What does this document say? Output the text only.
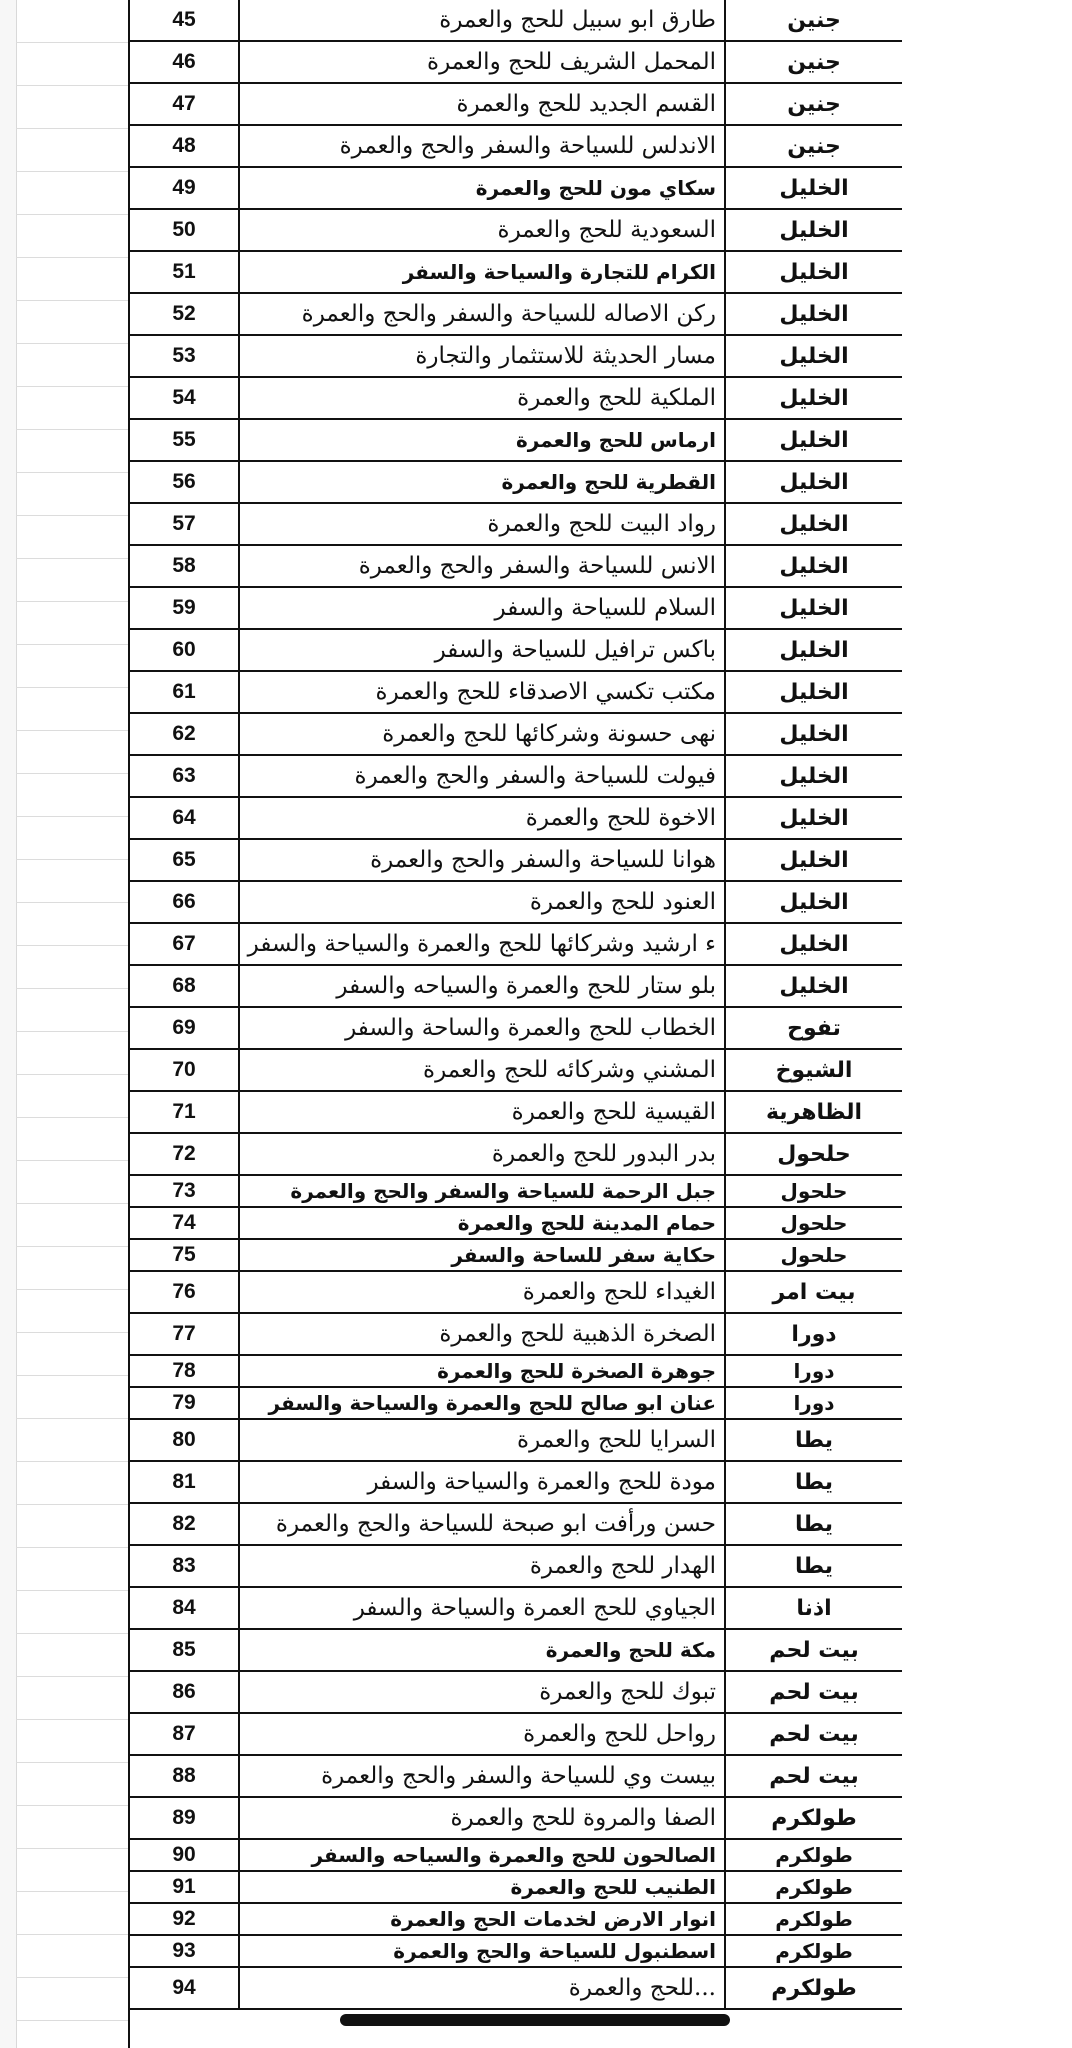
45	طارق ابو سبيل للحج والعمرة	جنين
46	المحمل الشريف للحج والعمرة	جنين
47	القسم الجديد للحج والعمرة	جنين
48	الاندلس للسياحة والسفر والحج والعمرة	جنين
49	سكاي مون للحج والعمرة	الخليل
50	السعودية للحج والعمرة	الخليل
51	الكرام للتجارة والسياحة والسفر	الخليل
52	ركن الاصاله للسياحة والسفر والحج والعمرة	الخليل
53	مسار الحديثة للاستثمار والتجارة	الخليل
54	الملكية للحج والعمرة	الخليل
55	ارماس للحج والعمرة	الخليل
56	القطرية للحج والعمرة	الخليل
57	رواد البيت للحج والعمرة	الخليل
58	الانس للسياحة والسفر والحج والعمرة	الخليل
59	السلام للسياحة والسفر	الخليل
60	باكس ترافيل للسياحة والسفر	الخليل
61	مكتب تكسي الاصدقاء للحج والعمرة	الخليل
62	نهى حسونة وشركائها للحج والعمرة	الخليل
63	فيولت للسياحة والسفر والحج والعمرة	الخليل
64	الاخوة للحج والعمرة	الخليل
65	هوانا للسياحة والسفر والحج والعمرة	الخليل
66	العنود للحج والعمرة	الخليل
67	ء ارشيد وشركائها للحج والعمرة والسياحة والسفر	الخليل
68	بلو ستار للحج والعمرة والسياحه والسفر	الخليل
69	الخطاب للحج والعمرة والساحة والسفر	تفوح
70	المشني وشركائه للحج والعمرة	الشيوخ
71	القيسية للحج والعمرة	الظاهرية
72	بدر البدور للحج والعمرة	حلحول
73	جبل الرحمة للسياحة والسفر والحج والعمرة	حلحول
74	حمام المدينة للحج والعمرة	حلحول
75	حكاية سفر للساحة والسفر	حلحول
76	الغيداء للحج والعمرة	بيت امر
77	الصخرة الذهبية للحج والعمرة	دورا
78	جوهرة الصخرة للحج والعمرة	دورا
79	عنان ابو صالح للحج والعمرة والسياحة والسفر	دورا
80	السرايا للحج والعمرة	يطا
81	مودة للحج والعمرة والسياحة والسفر	يطا
82	حسن ورأفت ابو صبحة للسياحة والحج والعمرة	يطا
83	الهدار للحج والعمرة	يطا
84	الجياوي للحج العمرة والسياحة والسفر	اذنا
85	مكة للحج والعمرة	بيت لحم
86	تبوك للحج والعمرة	بيت لحم
87	رواحل للحج والعمرة	بيت لحم
88	بيست وي للسياحة والسفر والحج والعمرة	بيت لحم
89	الصفا والمروة للحج والعمرة	طولكرم
90	الصالحون للحج والعمرة والسياحه والسفر	طولكرم
91	الطنيب للحج والعمرة	طولكرم
92	انوار الارض لخدمات الحج والعمرة	طولكرم
93	اسطنبول للسياحة والحج والعمرة	طولكرم
94	...للحج والعمرة	طولكرم
